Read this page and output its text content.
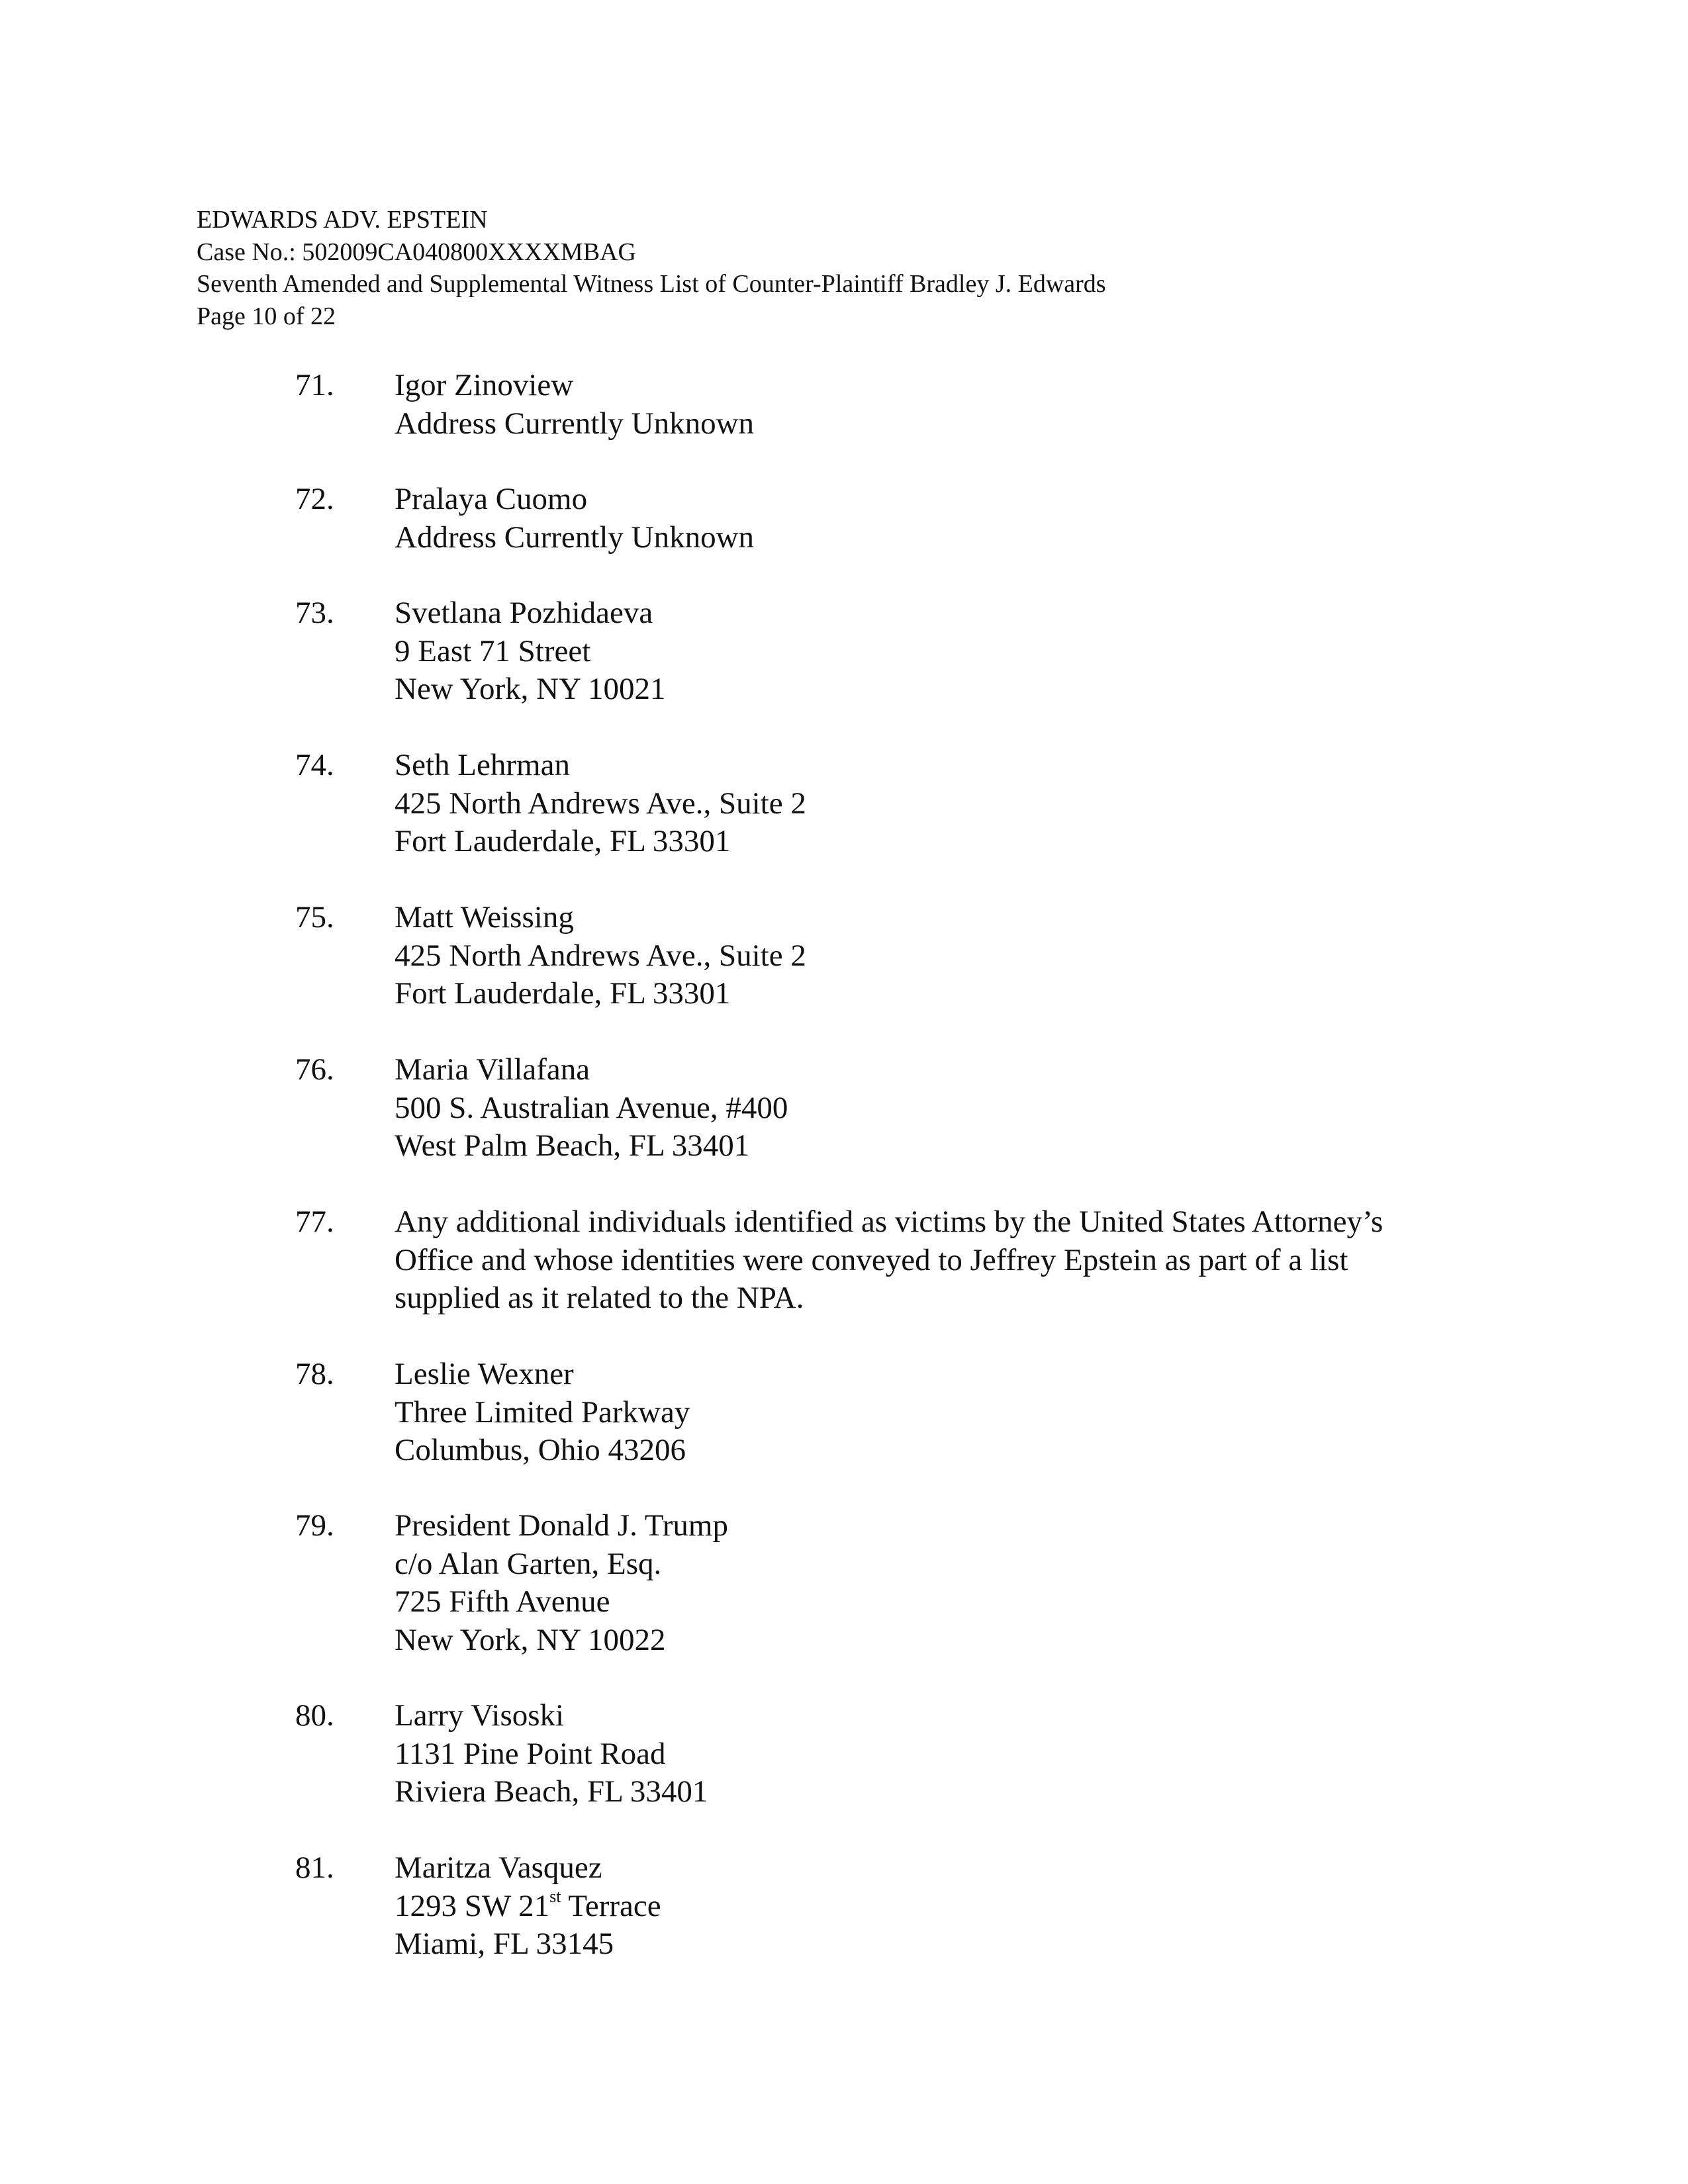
EDWARDS ADV. EPSTEIN
Case No.: 502009CA040800XXXXMBAG
Seventh Amended and Supplemental Witness List of Counter-Plaintiff Bradley J. Edwards
Page 10 of 22
71. Igor Zinoview
Address Currently Unknown
72. Pralaya Cuomo
Address Currently Unknown
73. Svetlana Pozhidaeva
9 East 71 Street
New York, NY 10021
74. Seth Lehrman
425 North Andrews Ave., Suite 2
Fort Lauderdale, FL 33301
75. Matt Weissing
425 North Andrews Ave., Suite 2
Fort Lauderdale, FL 33301
76. Maria Villafana
500 S. Australian Avenue, #400
West Palm Beach, FL 33401
77. Any additional individuals identified as victims by the United States Attorney’s
Office and whose identities were conveyed to Jeffrey Epstein as part of a list
supplied as it related to the NPA.
78. Leslie Wexner
Three Limited Parkway
Columbus, Ohio 43206
79. President Donald J. Trump
c/o Alan Garten, Esq.
725 Fifth Avenue
New York, NY 10022
80. Larry Visoski
1131 Pine Point Road
Riviera Beach, FL 33401
81. Maritza Vasquez
1293 SW 21st Terrace
Miami, FL 33145
